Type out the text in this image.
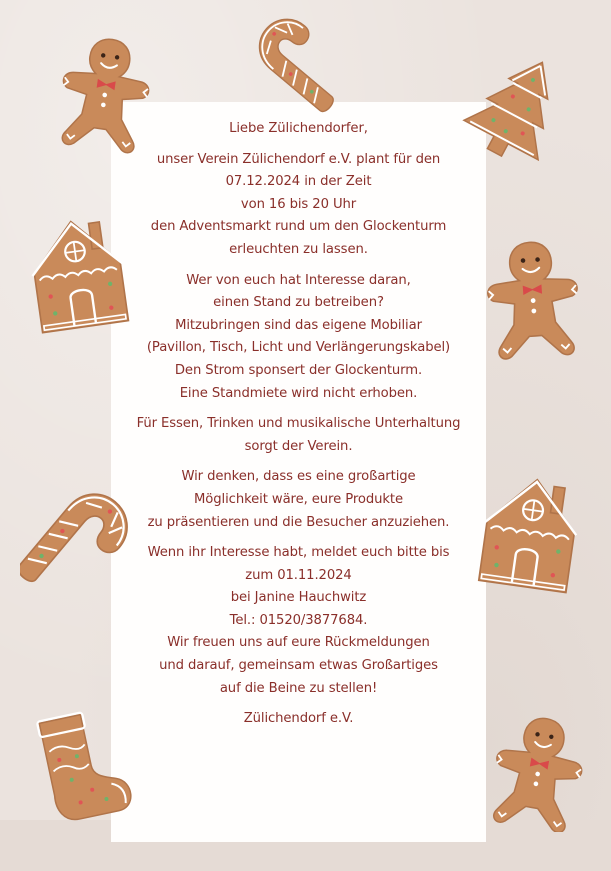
Liebe Zülichendorfer,
unser Verein Zülichendorf e.V. plant für den
07.12.2024 in der Zeit
von 16 bis 20 Uhr
den Adventsmarkt rund um den Glockenturm
erleuchten zu lassen.
Wer von euch hat Interesse daran,
einen Stand zu betreiben?
Mitzubringen sind das eigene Mobiliar
(Pavillon, Tisch, Licht und Verlängerungskabel)
Den Strom sponsert der Glockenturm.
Eine Standmiete wird nicht erhoben.
Für Essen, Trinken und musikalische Unterhaltung
sorgt der Verein.
Wir denken, dass es eine großartige
Möglichkeit wäre, eure Produkte
zu präsentieren und die Besucher anzuziehen.
Wenn ihr Interesse habt, meldet euch bitte bis
zum 01.11.2024
bei Janine Hauchwitz
Tel.: 01520/3877684.
Wir freuen uns auf eure Rückmeldungen
und darauf, gemeinsam etwas Großartiges
auf die Beine zu stellen!
Zülichendorf e.V.
